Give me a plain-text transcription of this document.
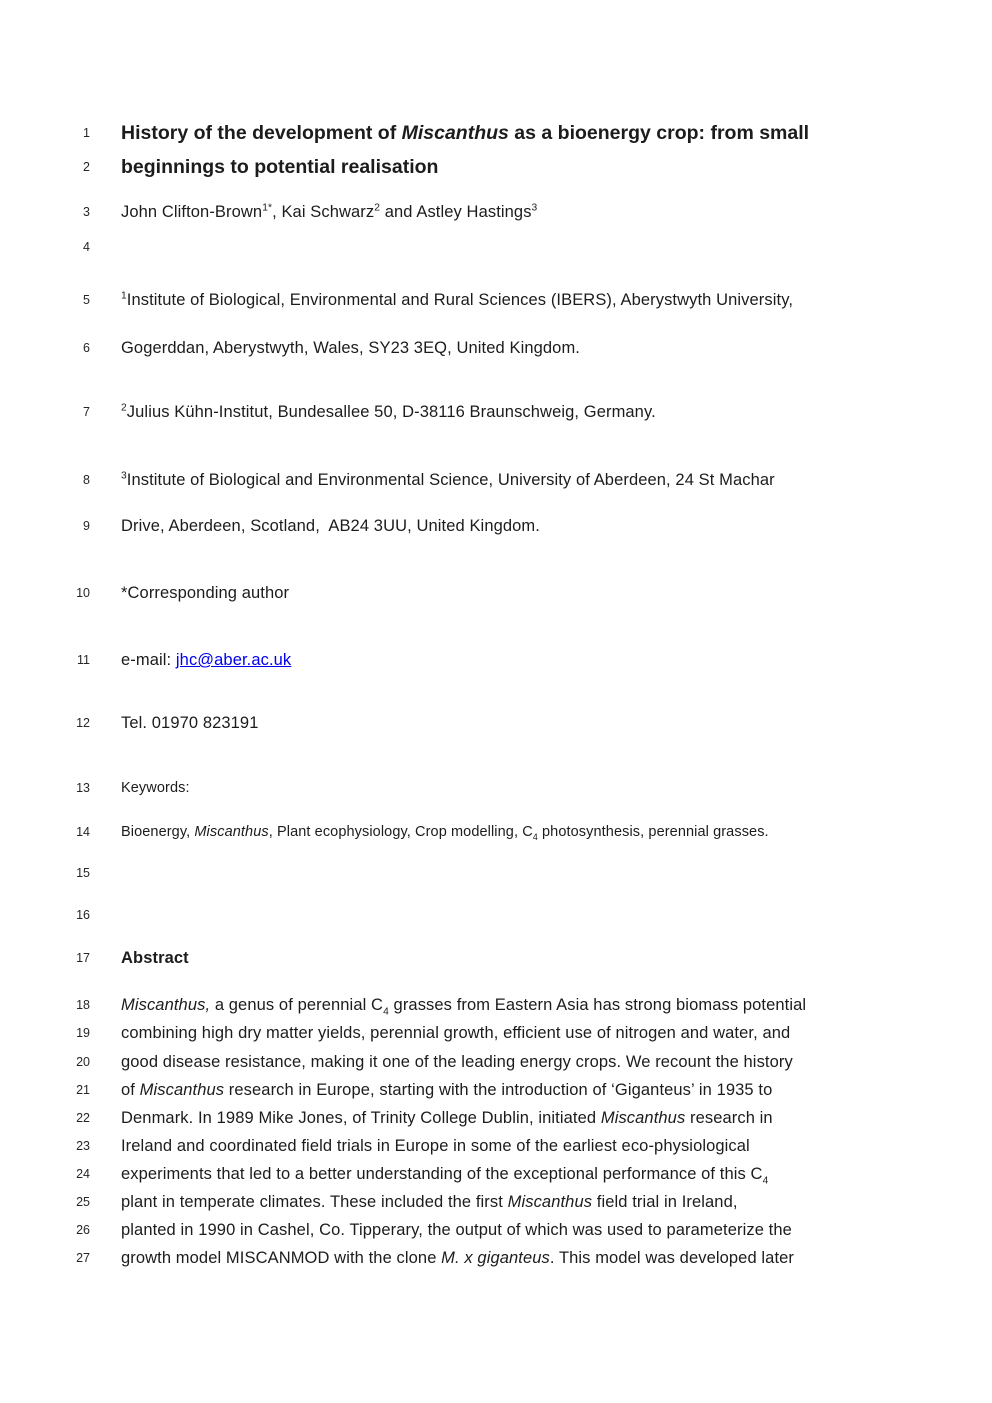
1 History of the development of Miscanthus as a bioenergy crop: from small
2 beginnings to potential realisation
3 John Clifton-Brown$^{1*}$, Kai Schwarz$^2$ and Astley Hastings$^3$
4
5	$^1$Institute of Biological, Environmental and Rural Sciences (IBERS), Aberystwyth University,
6 Gogerddan, Aberystwyth, Wales, SY23 3EQ, United Kingdom.
7	$^2$Julius Kühn-Institut, Bundesallee 50, D-38116 Braunschweig, Germany.
8	$^3$Institute of Biological and Environmental Science, University of Aberdeen, 24 St Machar
9 Drive, Aberdeen, Scotland,  AB24 3UU, United Kingdom.
10 *Corresponding author
11 e-mail: jhc@aber.ac.uk
12 Tel. 01970 823191
13 Keywords:
14 Bioenergy, Miscanthus, Plant ecophysiology, Crop modelling, $C_4$ photosynthesis, perennial grasses.
15
16
17 Abstract
18 Miscanthus, a genus of perennial $C_4$ grasses from Eastern Asia has strong biomass potential
19 combining high dry matter yields, perennial growth, efficient use of nitrogen and water, and
20 good disease resistance, making it one of the leading energy crops. We recount the history
21 of Miscanthus research in Europe, starting with the introduction of ‘Giganteus’ in 1935 to
22 Denmark. In 1989 Mike Jones, of Trinity College Dublin, initiated Miscanthus research in
23 Ireland and coordinated field trials in Europe in some of the earliest eco-physiological
24 experiments that led to a better understanding of the exceptional performance of this $C_4$
25 plant in temperate climates. These included the first Miscanthus field trial in Ireland,
26 planted in 1990 in Cashel, Co. Tipperary, the output of which was used to parameterize the
27 growth model MISCANMOD with the clone M. x giganteus. This model was developed later
